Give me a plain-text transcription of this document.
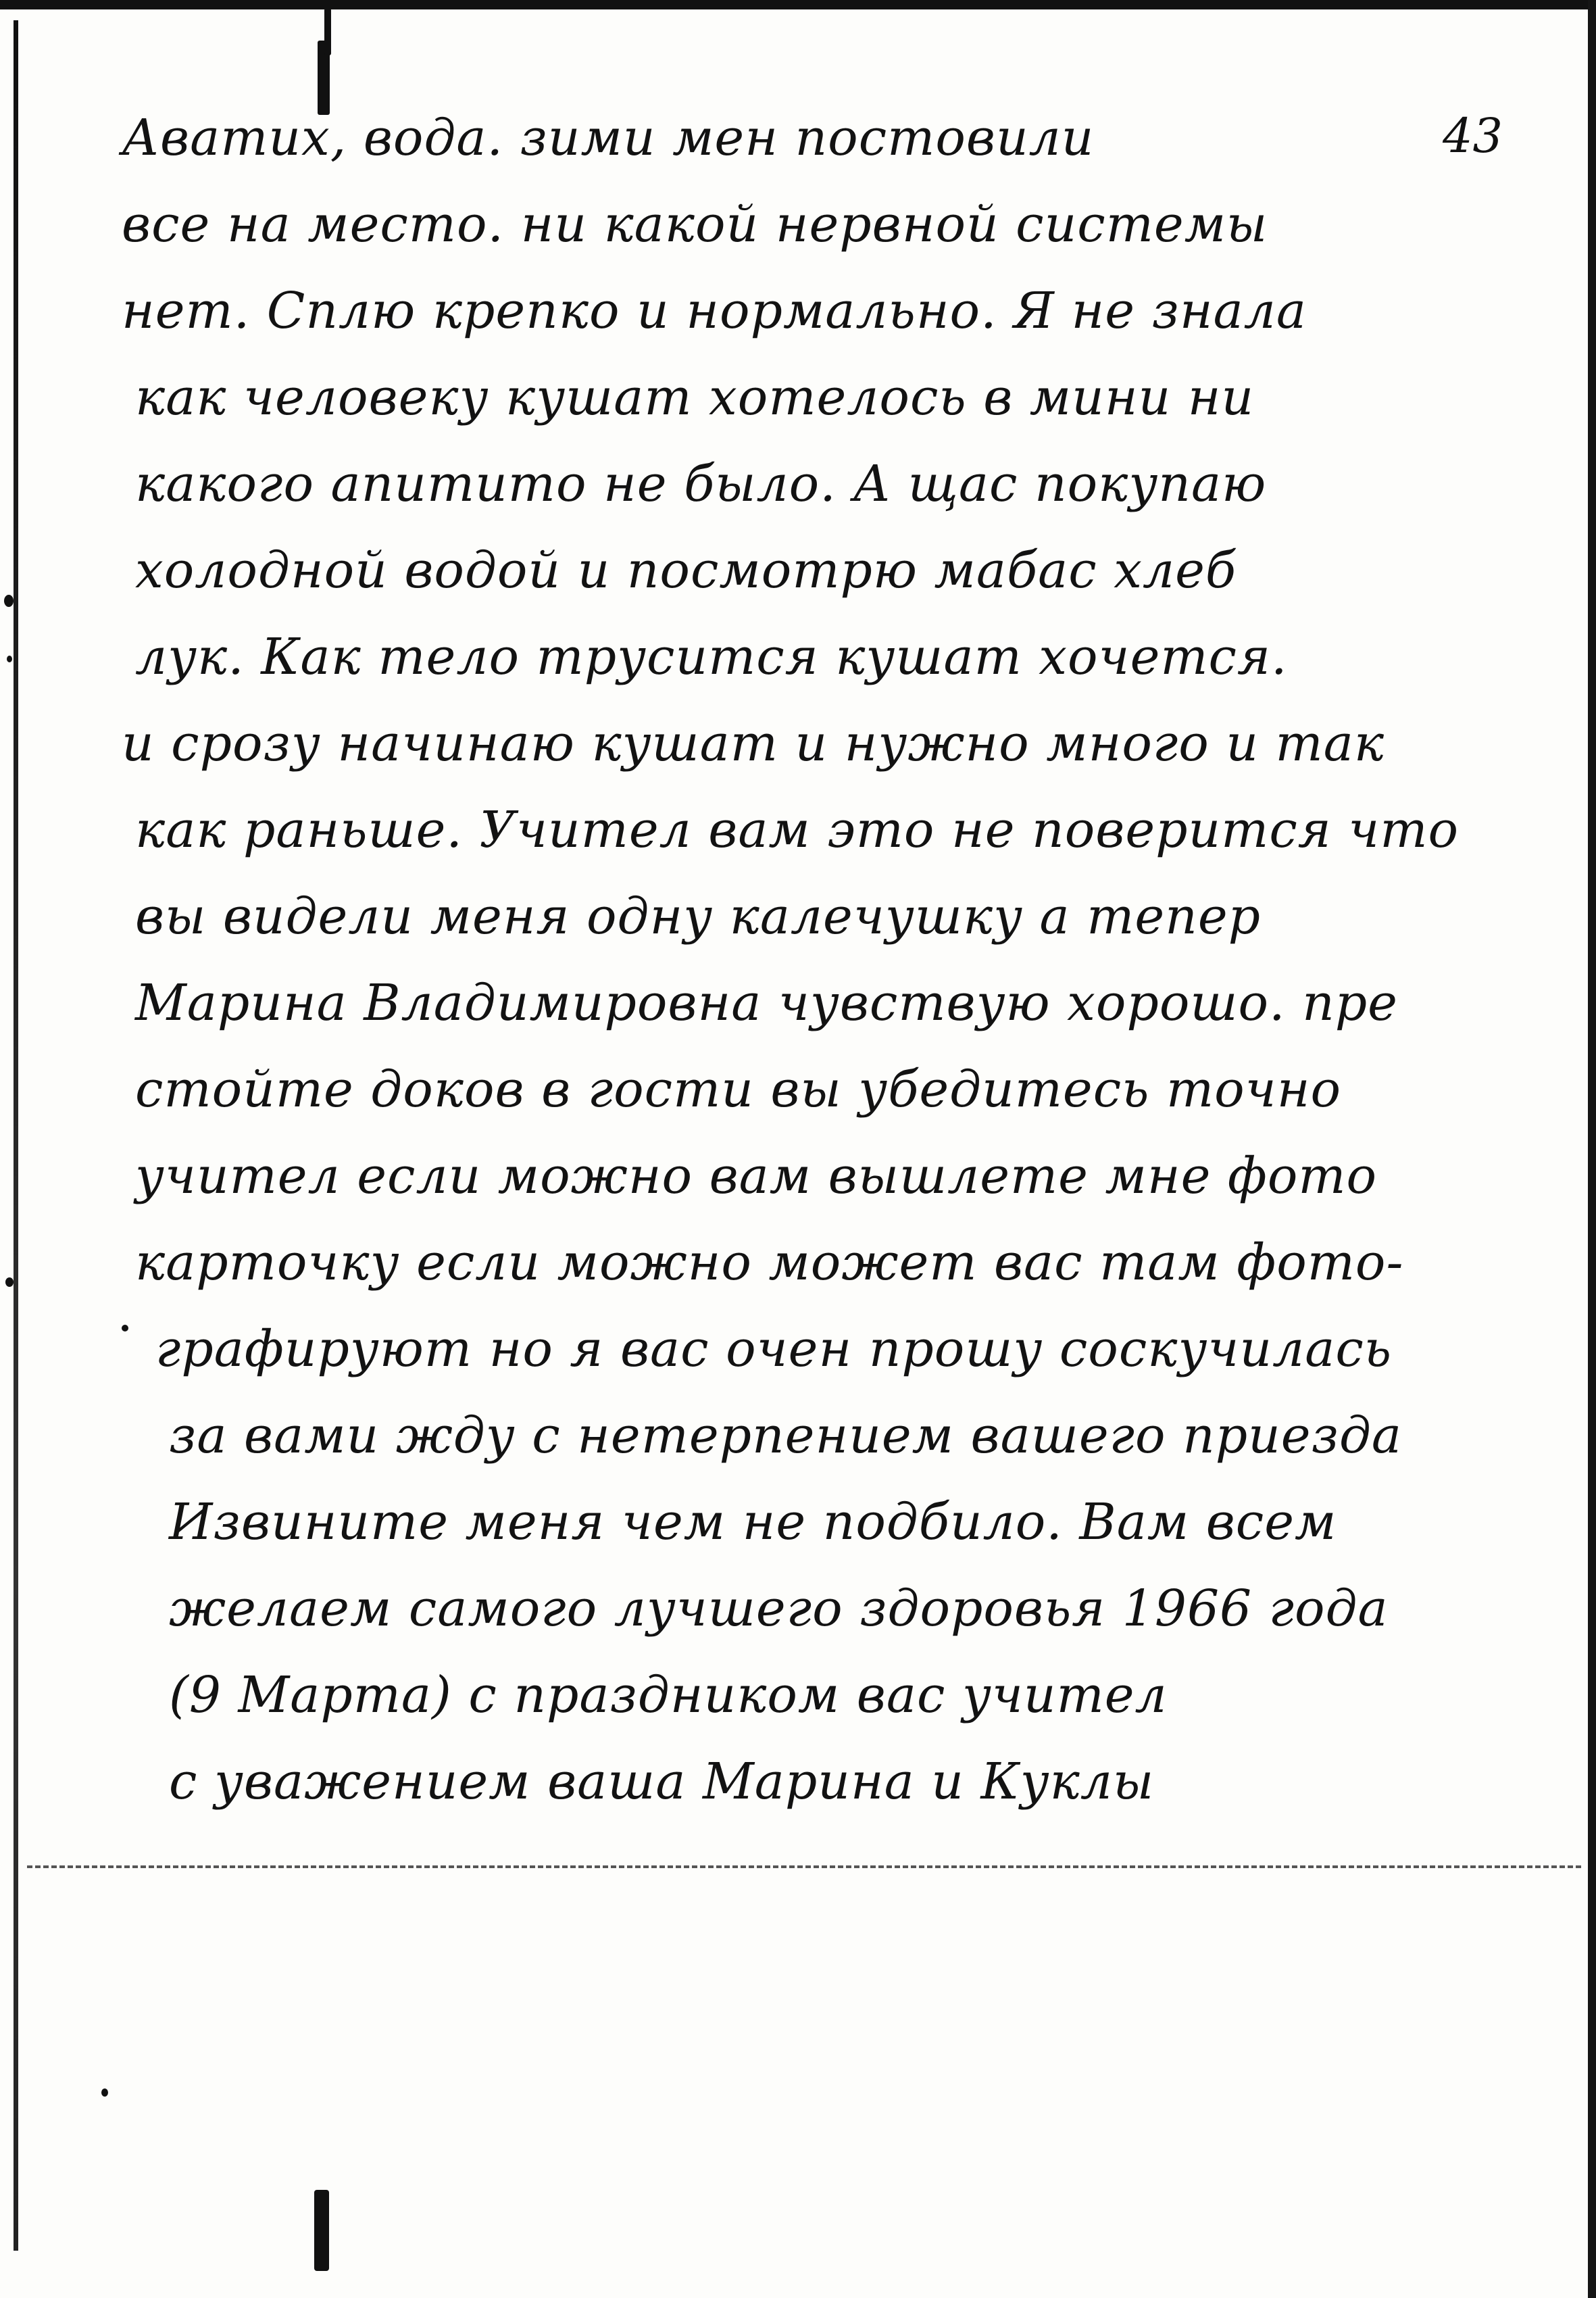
43
Аватих, вода. зими мен постовили
все на место. ни какой нервной системы
нет. Сплю крепко и нормально. Я не знала
как человеку кушат хотелось в мини ни
какого апитито не было. А щас покупаю
холодной водой и посмотрю мабас хлеб
лук. Как тело трусится кушат хочется.
и срозу начинаю кушат и нужно много и так
как раньше. Учител вам это не поверится что
вы видели меня одну калечушку а тепер
Марина Владимировна чувствую хорошо. пре
стойте доков в гости вы убедитесь точно
учител если можно вам вышлете мне фото
карточку если можно может вас там фото-
графируют но я вас очен прошу соскучилась
за вами жду с нетерпением вашего приезда
Извините меня чем не подбило. Вам всем
желаем самого лучшего здоровья 1966 года
(9 Марта) с праздником вас учител
с уважением ваша Марина и Куклы
